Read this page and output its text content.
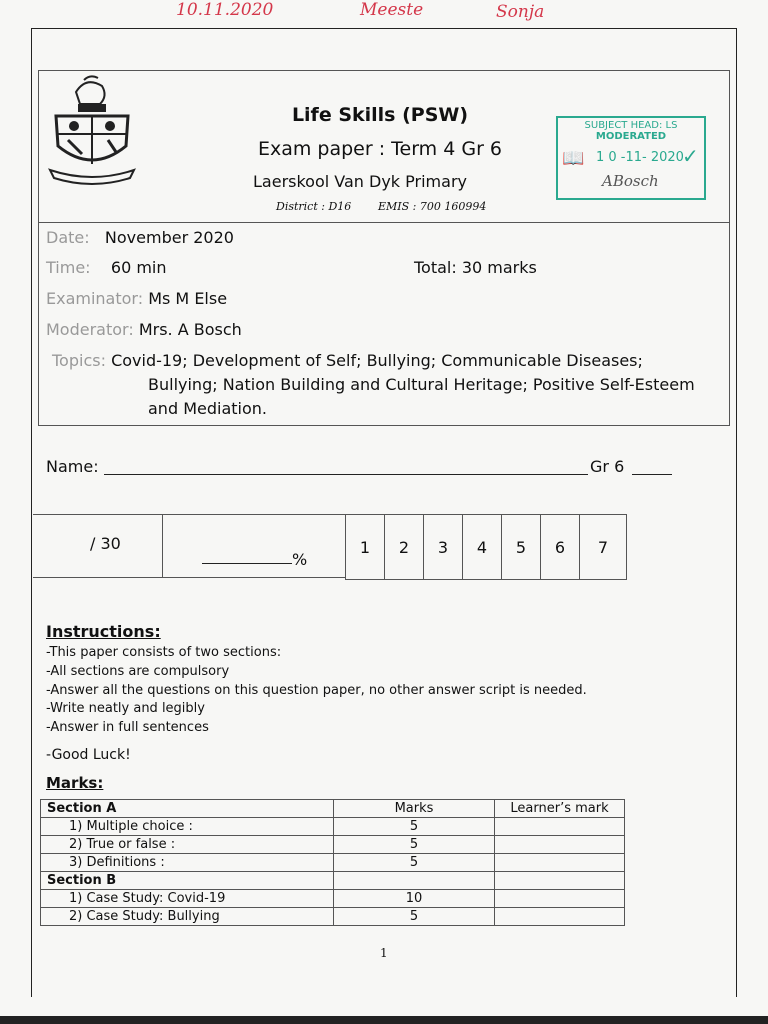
10.11.2020	Meeste	Sonja
Life Skills (PSW)
Exam paper : Term 4 Gr 6
Laerskool Van Dyk Primary
District : D16 EMIS : 700 160994
SUBJECT HEAD: LS
MODERATED
1 0 -11- 2020
ABosch
📖	✓
Date: November 2020
Time: 60 min	Total: 30 marks
Examinator: Ms M Else
Moderator: Mrs. A Bosch
Topics: Covid-19; Development of Self; Bullying; Communicable Diseases;
Bullying; Nation Building and Cultural Heritage; Positive Self-Esteem
and Mediation.
Name:	Gr 6
/ 30
%
1	2	3	4	5	6	7
Instructions:
-This paper consists of two sections:
-All sections are compulsory
-Answer all the questions on this question paper, no other answer script is needed.
-Write neatly and legibly
-Answer in full sentences
-Good Luck!
Marks:
Section A	Marks	Learner’s mark
1) Multiple choice :	5	
2) True or false :	5	
3) Definitions :	5	
Section B		
1) Case Study: Covid-19	10	
2) Case Study: Bullying	5	
1
